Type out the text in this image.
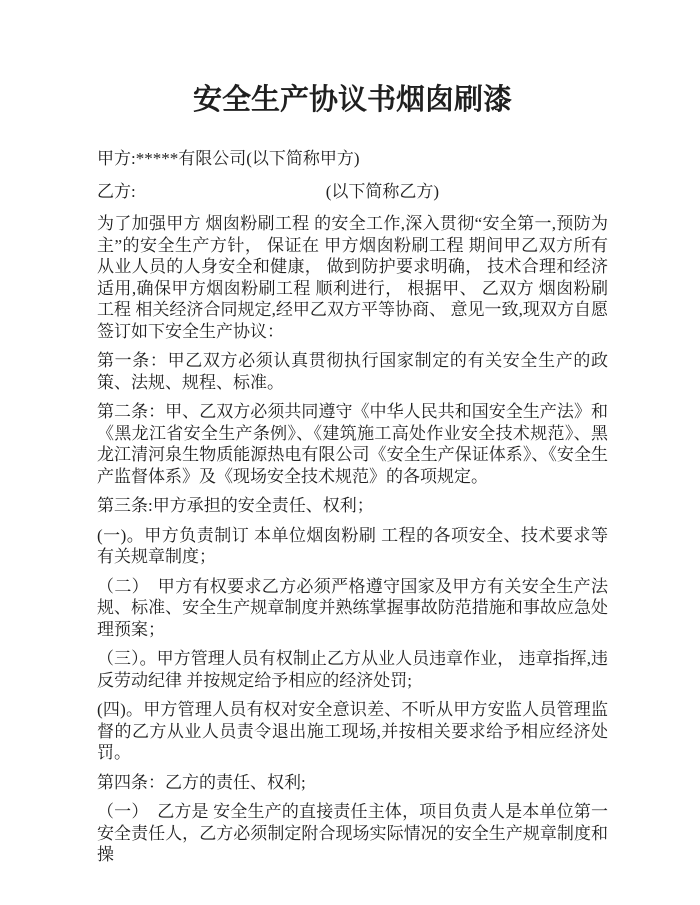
安全生产协议书烟囱刷漆

甲方:*****有限公司(以下简称甲方)

乙方:	(以下简称乙方)

为了加强甲方 烟囱粉刷工程 的安全工作,深入贯彻“安全第一,预防为主”的安全生产方针， 保证在 甲方烟囱粉刷工程 期间甲乙双方所有从业人员的人身安全和健康， 做到防护要求明确， 技术合理和经济适用,确保甲方烟囱粉刷工程 顺利进行， 根据甲、 乙双方 烟囱粉刷工程 相关经济合同规定,经甲乙双方平等协商、 意见一致,现双方自愿签订如下安全生产协议：

第一条：甲乙双方必须认真贯彻执行国家制定的有关安全生产的政策、法规、规程、标准。

第二条：甲、乙双方必须共同遵守《中华人民共和国安全生产法》和《黑龙江省安全生产条例》、《建筑施工高处作业安全技术规范》、黑龙江清河泉生物质能源热电有限公司《安全生产保证体系》、《安全生产监督体系》及《现场安全技术规范》的各项规定。

第三条:甲方承担的安全责任、权利；

(一)。甲方负责制订 本单位烟囱粉刷 工程的各项安全、技术要求等有关规章制度；

（二）　甲方有权要求乙方必须严格遵守国家及甲方有关安全生产法 规、标准、安全生产规章制度并熟练掌握事故防范措施和事故应急处理预案；

（三）。甲方管理人员有权制止乙方从业人员违章作业， 违章指挥,违反劳动纪律 并按规定给予相应的经济处罚;

(四)。甲方管理人员有权对安全意识差、不听从甲方安监人员管理监督的乙方从业人员责令退出施工现场,并按相关要求给予相应经济处罚。

第四条：乙方的责任、权利;

（一）　乙方是 安全生产的直接责任主体，项目负责人是本单位第一安全责任人，乙方必须制定附合现场实际情况的安全生产规章制度和操
